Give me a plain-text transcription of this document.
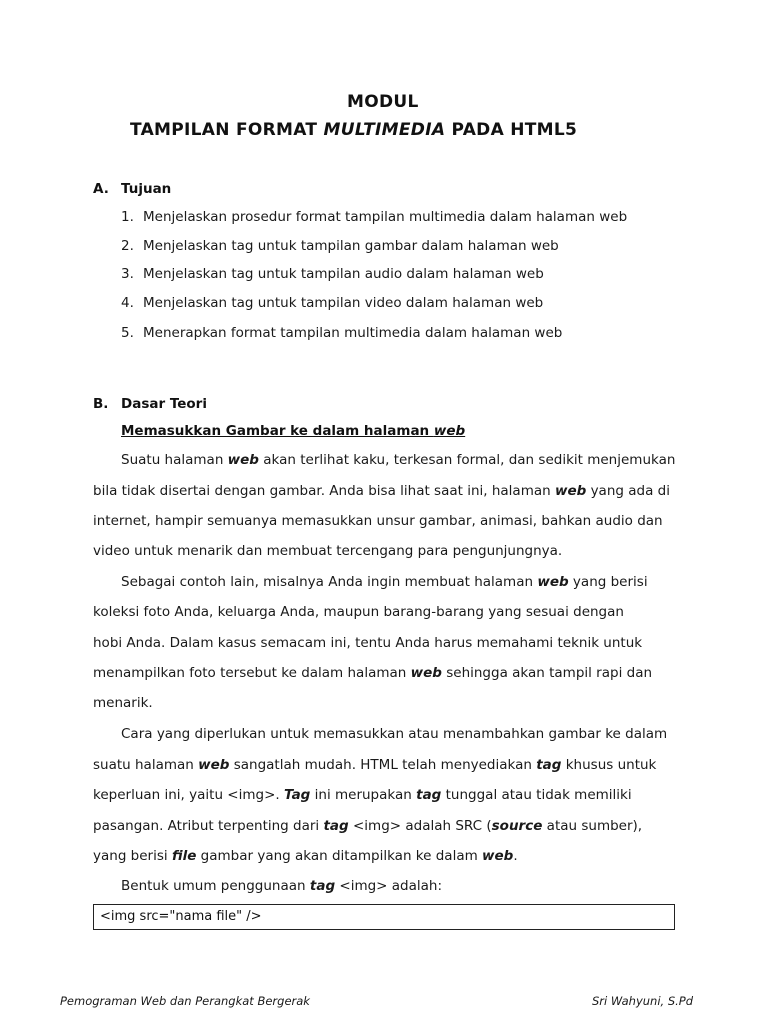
MODUL
TAMPILAN FORMAT MULTIMEDIA PADA HTML5
A. Tujuan
1. Menjelaskan prosedur format tampilan multimedia dalam halaman web
2. Menjelaskan tag untuk tampilan gambar dalam halaman web
3. Menjelaskan tag untuk tampilan audio dalam halaman web
4. Menjelaskan tag untuk tampilan video dalam halaman web
5. Menerapkan format tampilan multimedia dalam halaman web
B. Dasar Teori
Memasukkan Gambar ke dalam halaman web
Suatu halaman web akan terlihat kaku, terkesan formal, dan sedikit menjemukan
bila tidak disertai dengan gambar. Anda bisa lihat saat ini, halaman web yang ada di
internet, hampir semuanya memasukkan unsur gambar, animasi, bahkan audio dan
video untuk menarik dan membuat tercengang para pengunjungnya.
Sebagai contoh lain, misalnya Anda ingin membuat halaman web yang berisi
koleksi foto Anda, keluarga Anda, maupun barang-barang yang sesuai dengan
hobi Anda. Dalam kasus semacam ini, tentu Anda harus memahami teknik untuk
menampilkan foto tersebut ke dalam halaman web sehingga akan tampil rapi dan
menarik.
Cara yang diperlukan untuk memasukkan atau menambahkan gambar ke dalam
suatu halaman web sangatlah mudah. HTML telah menyediakan tag khusus untuk
keperluan ini, yaitu <img>. Tag ini merupakan tag tunggal atau tidak memiliki
pasangan. Atribut terpenting dari tag <img> adalah SRC (source atau sumber),
yang berisi file gambar yang akan ditampilkan ke dalam web.
Bentuk umum penggunaan tag <img> adalah:
<img src="nama file" />
Pemograman Web dan Perangkat Bergerak	Sri Wahyuni, S.Pd
